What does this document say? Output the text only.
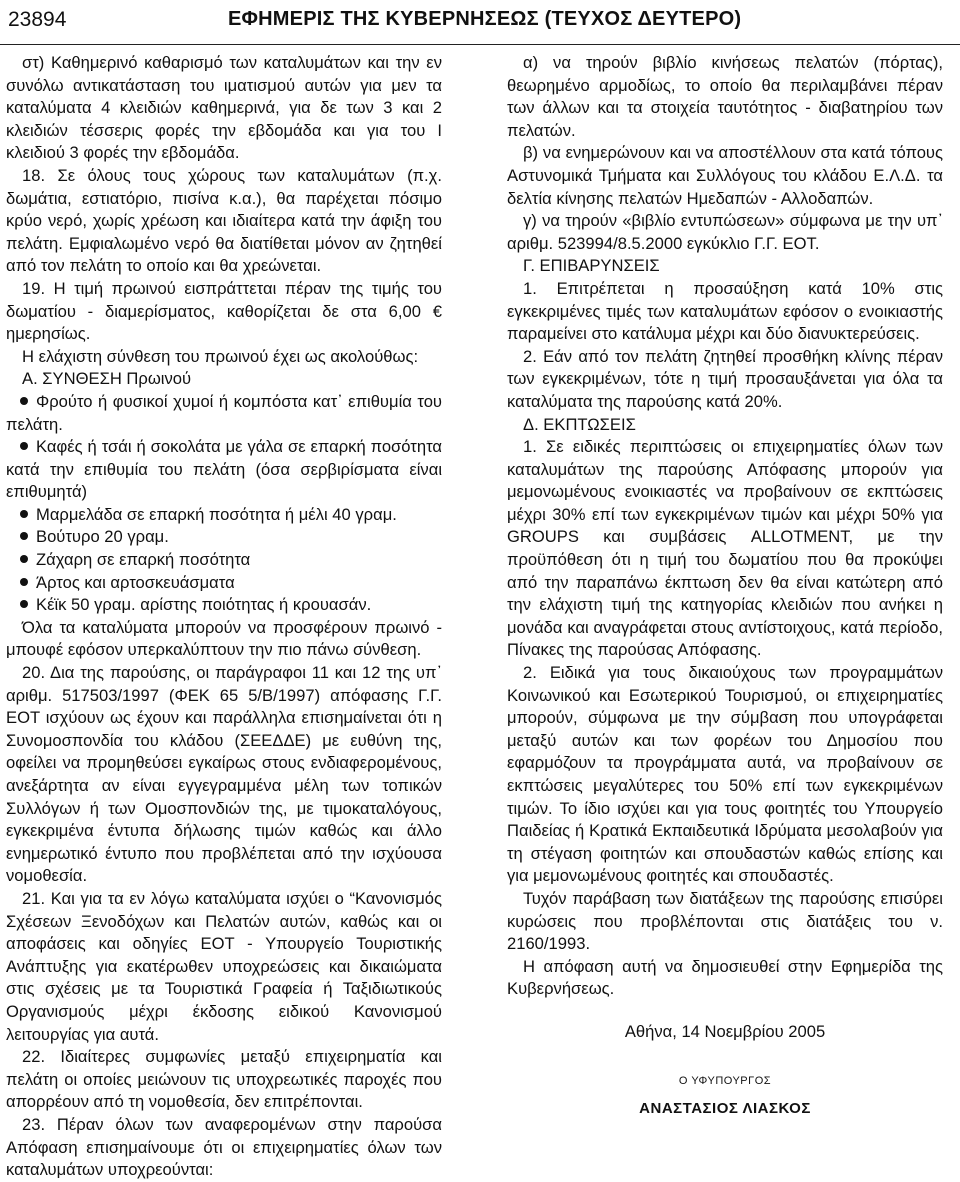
23894	ΕΦΗΜΕΡΙΣ ΤΗΣ ΚΥΒΕΡΝΗΣΕΩΣ (ΤΕΥΧΟΣ ΔΕΥΤΕΡΟ)

στ) Καθημερινό καθαρισμό των καταλυμάτων και την εν συνόλω αντικατάσταση του ιματισμού αυτών για μεν τα καταλύματα 4 κλειδιών καθημερινά, για δε των 3 και 2 κλειδιών τέσσερις φορές την εβδομάδα και για του Ι κλειδιού 3 φορές την εβδομάδα.

18. Σε όλους τους χώρους των καταλυμάτων (π.χ. δωμάτια, εστιατόριο, πισίνα κ.α.), θα παρέχεται πόσιμο κρύο νερό, χωρίς χρέωση και ιδιαίτερα κατά την άφιξη του πελάτη. Εμφιαλωμένο νερό θα διατίθεται μόνον αν ζητηθεί από τον πελάτη το οποίο και θα χρεώνεται.

19. Η τιμή πρωινού εισπράττεται πέραν της τιμής του δωματίου - διαμερίσματος, καθορίζεται δε στα 6,00 € ημερησίως.

Η ελάχιστη σύνθεση του πρωινού έχει ως ακολούθως:

Α. ΣΥΝΘΕΣΗ Πρωινού

Φρούτο ή φυσικοί χυμοί ή κομπόστα κατ᾽ επιθυμία του πελάτη.

Καφές ή τσάι ή σοκολάτα με γάλα σε επαρκή ποσότητα κατά την επιθυμία του πελάτη (όσα σερβιρίσματα είναι επιθυμητά)

Μαρμελάδα σε επαρκή ποσότητα ή μέλι 40 γραμ.

Βούτυρο 20 γραμ.

Ζάχαρη σε επαρκή ποσότητα

Άρτος και αρτοσκευάσματα

Κέϊκ 50 γραμ. αρίστης ποιότητας ή κρουασάν.

Όλα τα καταλύματα μπορούν να προσφέρουν πρωινό - μπουφέ εφόσον υπερκαλύπτουν την πιο πάνω σύνθεση.

20. Δια της παρούσης, οι παράγραφοι 11 και 12 της υπ᾽ αριθμ. 517503/1997 (ΦΕΚ 65 5/Β/1997) απόφασης Γ.Γ. ΕΟΤ ισχύουν ως έχουν και παράλληλα επισημαίνεται ότι η Συνομοσπονδία του κλάδου (ΣΕΕΔΔΕ) με ευθύνη της, οφείλει να προμηθεύσει εγκαίρως στους ενδιαφερομένους, ανεξάρτητα αν είναι εγγεγραμμένα μέλη των τοπικών Συλλόγων ή των Ομοσπονδιών της, με τιμοκαταλόγους, εγκεκριμένα έντυπα δήλωσης τιμών καθώς και άλλο ενημερωτικό έντυπο που προβλέπεται από την ισχύουσα νομοθεσία.

21. Και για τα εν λόγω καταλύματα ισχύει ο “Κανονισμός Σχέσεων Ξενοδόχων και Πελατών αυτών, καθώς και οι αποφάσεις και οδηγίες ΕΟΤ - Υπουργείο Τουριστικής Ανάπτυξης για εκατέρωθεν υποχρεώσεις και δικαιώματα στις σχέσεις με τα Τουριστικά Γραφεία ή Ταξιδιωτικούς Οργανισμούς μέχρι έκδοσης ειδικού Κανονισμού λειτουργίας για αυτά.

22. Ιδιαίτερες συμφωνίες μεταξύ επιχειρηματία και πελάτη οι οποίες μειώνουν τις υποχρεωτικές παροχές που απορρέουν από τη νομοθεσία, δεν επιτρέπονται.

23. Πέραν όλων των αναφερομένων στην παρούσα Απόφαση επισημαίνουμε ότι οι επιχειρηματίες όλων των καταλυμάτων υποχρεούνται:

α) να τηρούν βιβλίο κινήσεως πελατών (πόρτας), θεωρημένο αρμοδίως, το οποίο θα περιλαμβάνει πέραν των άλλων και τα στοιχεία ταυτότητος - διαβατηρίου των πελατών.

β) να ενημερώνουν και να αποστέλλουν στα κατά τόπους Αστυνομικά Τμήματα και Συλλόγους του κλάδου Ε.Λ.Δ. τα δελτία κίνησης πελατών Ημεδαπών - Αλλοδαπών.

γ) να τηρούν «βιβλίο εντυπώσεων» σύμφωνα με την υπ᾽ αριθμ. 523994/8.5.2000 εγκύκλιο Γ.Γ. ΕΟΤ.

Γ. ΕΠΙΒΑΡΥΝΣΕΙΣ

1. Επιτρέπεται η προσαύξηση κατά 10% στις εγκεκριμένες τιμές των καταλυμάτων εφόσον ο ενοικιαστής παραμείνει στο κατάλυμα μέχρι και δύο διανυκτερεύσεις.

2. Εάν από τον πελάτη ζητηθεί προσθήκη κλίνης πέραν των εγκεκριμένων, τότε η τιμή προσαυξάνεται για όλα τα καταλύματα της παρούσης κατά 20%.

Δ. ΕΚΠΤΩΣΕΙΣ

1. Σε ειδικές περιπτώσεις οι επιχειρηματίες όλων των καταλυμάτων της παρούσης Απόφασης μπορούν για μεμονωμένους ενοικιαστές να προβαίνουν σε εκπτώσεις μέχρι 30% επί των εγκεκριμένων τιμών και μέχρι 50% για GROUPS και συμβάσεις ALLOTMENT, με την προϋπόθεση ότι η τιμή του δωματίου που θα προκύψει από την παραπάνω έκπτωση δεν θα είναι κατώτερη από την ελάχιστη τιμή της κατηγορίας κλειδιών που ανήκει η μονάδα και αναγράφεται στους αντίστοιχους, κατά περίοδο, Πίνακες της παρούσας Απόφασης.

2. Ειδικά για τους δικαιούχους των προγραμμάτων Κοινωνικού και Εσωτερικού Τουρισμού, οι επιχειρηματίες μπορούν, σύμφωνα με την σύμβαση που υπογράφεται μεταξύ αυτών και των φορέων του Δημοσίου που εφαρμόζουν τα προγράμματα αυτά, να προβαίνουν σε εκπτώσεις μεγαλύτερες του 50% επί των εγκεκριμένων τιμών. Το ίδιο ισχύει και για τους φοιτητές του Υπουργείο Παιδείας ή Κρατικά Εκπαιδευτικά Ιδρύματα μεσολαβούν για τη στέγαση φοιτητών και σπουδαστών καθώς επίσης και για μεμονωμένους φοιτητές και σπουδαστές.

Τυχόν παράβαση των διατάξεων της παρούσης επισύρει κυρώσεις που προβλέπονται στις διατάξεις του ν. 2160/1993.

Η απόφαση αυτή να δημοσιευθεί στην Εφημερίδα της Κυβερνήσεως.

Αθήνα, 14 Νοεμβρίου 2005

Ο ΥΦΥΠΟΥΡΓΟΣ

ΑΝΑΣΤΑΣΙΟΣ ΛΙΑΣΚΟΣ
